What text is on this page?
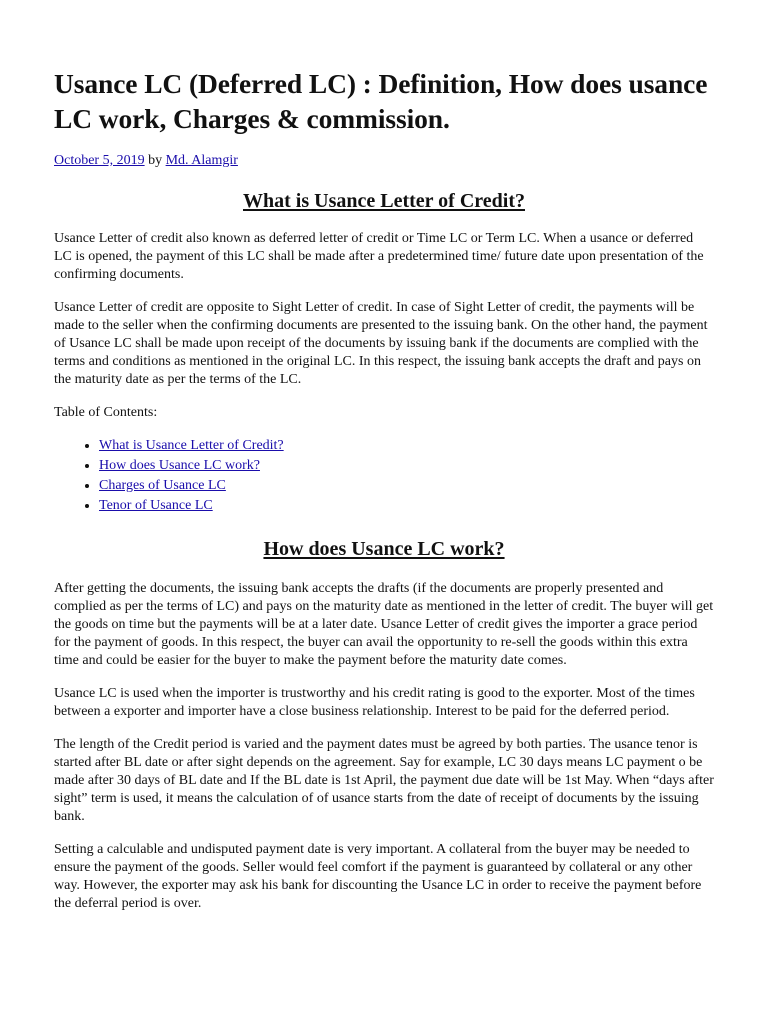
Usance LC (Deferred LC) : Definition, How does usance LC work, Charges & commission.
October 5, 2019 by Md. Alamgir
What is Usance Letter of Credit?

Usance Letter of credit also known as deferred letter of credit or Time LC or Term LC. When a usance or deferred LC is opened, the payment of this LC shall be made after a predetermined time/ future date upon presentation of the confirming documents.

Usance Letter of credit are opposite to Sight Letter of credit. In case of Sight Letter of credit, the payments will be made to the seller when the confirming documents are presented to the issuing bank. On the other hand, the payment of Usance LC shall be made upon receipt of the documents by issuing bank if the documents are complied with the terms and conditions as mentioned in the original LC. In this respect, the issuing bank accepts the draft and pays on the maturity date as per the terms of the LC.

Table of Contents:

• What is Usance Letter of Credit?
• How does Usance LC work?
• Charges of Usance LC
• Tenor of Usance LC
How does Usance LC work?

After getting the documents, the issuing bank accepts the drafts (if the documents are properly presented and complied as per the terms of LC) and pays on the maturity date as mentioned in the letter of credit. The buyer will get the goods on time but the payments will be at a later date. Usance Letter of credit gives the importer a grace period for the payment of goods. In this respect, the buyer can avail the opportunity to re-sell the goods within this extra time and could be easier for the buyer to make the payment before the maturity date comes.

Usance LC is used when the importer is trustworthy and his credit rating is good to the exporter. Most of the times between a exporter and importer have a close business relationship. Interest to be paid for the deferred period.

The length of the Credit period is varied and the payment dates must be agreed by both parties. The usance tenor is started after BL date or after sight depends on the agreement. Say for example, LC 30 days means LC payment o be made after 30 days of BL date and If the BL date is 1st April, the payment due date will be 1st May. When “days after sight” term is used, it means the calculation of of usance starts from the date of receipt of documents by the issuing bank.

Setting a calculable and undisputed payment date is very important. A collateral from the buyer may be needed to ensure the payment of the goods. Seller would feel comfort if the payment is guaranteed by collateral or any other way. However, the exporter may ask his bank for discounting the Usance LC in order to receive the payment before the deferral period is over.
